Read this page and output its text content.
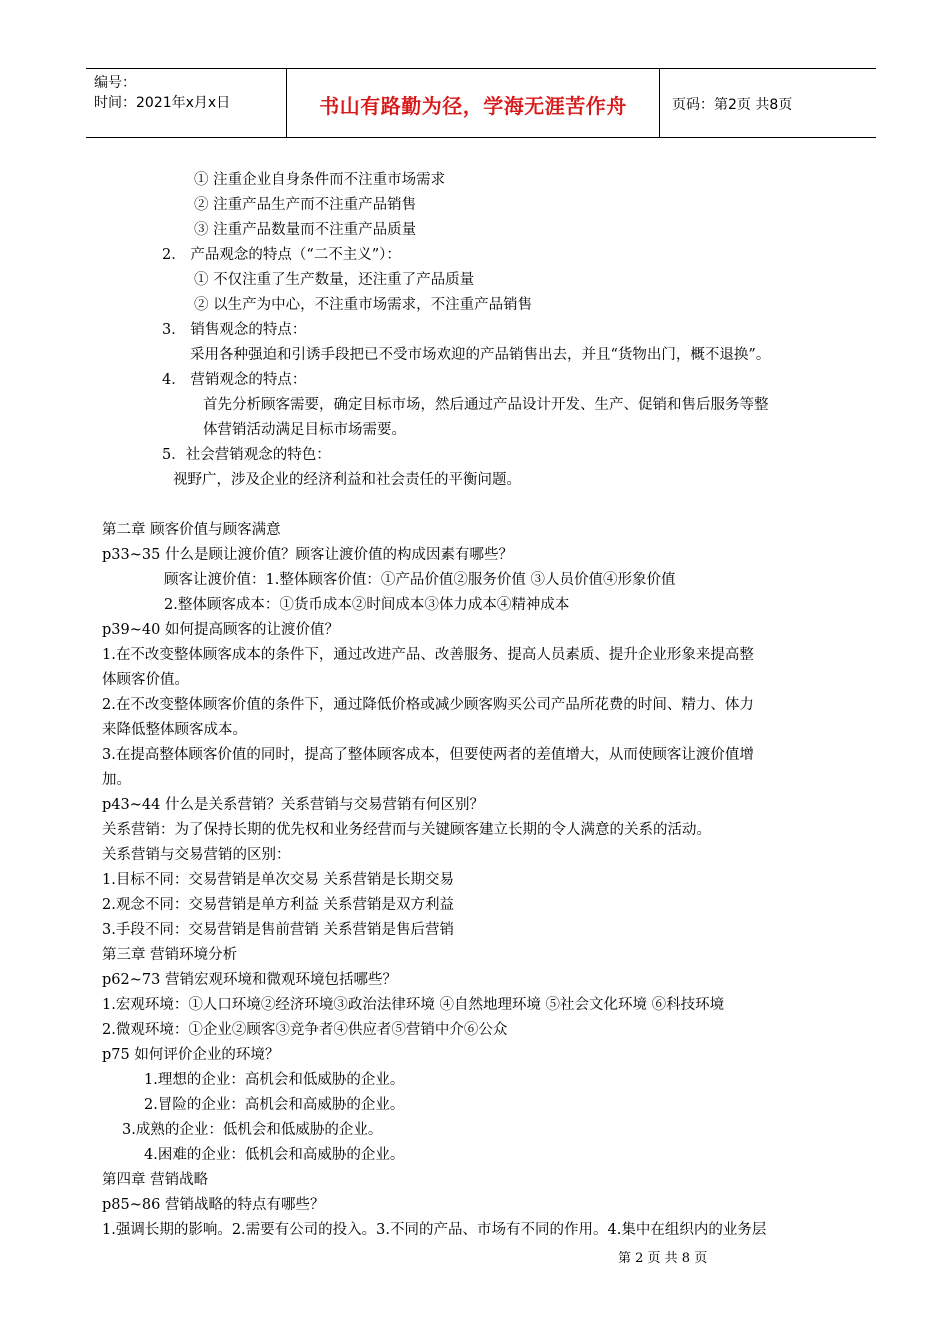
编号：
时间：2021年x月x日	书山有路勤为径，学海无涯苦作舟	页码：第2页 共8页
① 注重企业自身条件而不注重市场需求
② 注重产品生产而不注重产品销售
③ 注重产品数量而不注重产品质量
2． 产品观念的特点（“二不主义”）：
① 不仅注重了生产数量，还注重了产品质量
② 以生产为中心，不注重市场需求，不注重产品销售
3． 销售观念的特点：
采用各种强迫和引诱手段把已不受市场欢迎的产品销售出去，并且“货物出门，概不退换”。
4． 营销观念的特点：
首先分析顾客需要，确定目标市场，然后通过产品设计开发、生产、促销和售后服务等整
体营销活动满足目标市场需要。
5．社会营销观念的特色：
视野广，涉及企业的经济利益和社会责任的平衡问题。
第二章 顾客价值与顾客满意
p33~35 什么是顾让渡价值？顾客让渡价值的构成因素有哪些？
顾客让渡价值：1.整体顾客价值：①产品价值②服务价值 ③人员价值④形象价值
2.整体顾客成本：①货币成本②时间成本③体力成本④精神成本
p39~40 如何提高顾客的让渡价值？
1.在不改变整体顾客成本的条件下，通过改进产品、改善服务、提高人员素质、提升企业形象来提高整
体顾客价值。
2.在不改变整体顾客价值的条件下，通过降低价格或减少顾客购买公司产品所花费的时间、精力、体力
来降低整体顾客成本。
3.在提高整体顾客价值的同时，提高了整体顾客成本，但要使两者的差值增大，从而使顾客让渡价值增
加。
p43~44 什么是关系营销？关系营销与交易营销有何区别？
关系营销：为了保持长期的优先权和业务经营而与关键顾客建立长期的令人满意的关系的活动。
关系营销与交易营销的区别：
1.目标不同：交易营销是单次交易 关系营销是长期交易
2.观念不同：交易营销是单方利益 关系营销是双方利益
3.手段不同：交易营销是售前营销 关系营销是售后营销
第三章 营销环境分析
p62~73 营销宏观环境和微观环境包括哪些？
1.宏观环境：①人口环境②经济环境③政治法律环境 ④自然地理环境 ⑤社会文化环境 ⑥科技环境
2.微观环境：①企业②顾客③竞争者④供应者⑤营销中介⑥公众
p75 如何评价企业的环境？
1.理想的企业：高机会和低威胁的企业。
2.冒险的企业：高机会和高威胁的企业。
3.成熟的企业：低机会和低威胁的企业。
4.困难的企业：低机会和高威胁的企业。
第四章 营销战略
p85~86 营销战略的特点有哪些？
1.强调长期的影响。2.需要有公司的投入。3.不同的产品、市场有不同的作用。4.集中在组织内的业务层
第 2 页 共 8 页
